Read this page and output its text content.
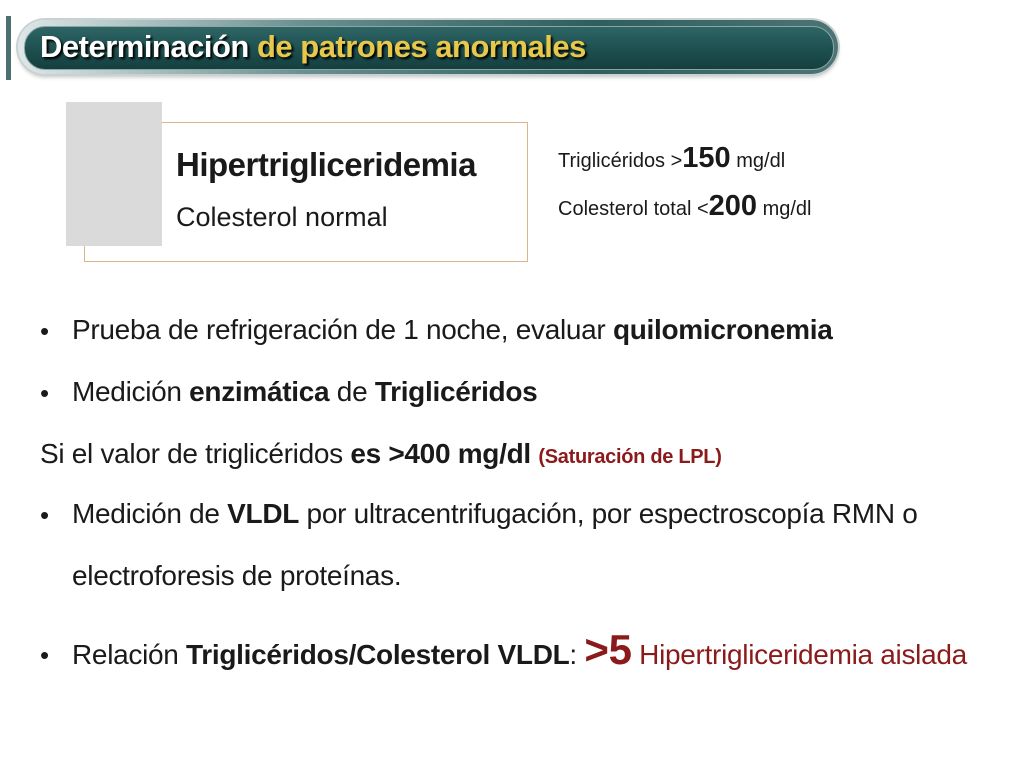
Determinación de patrones anormales
Hipertrigliceridemia
Colesterol normal
Triglicéridos >150 mg/dl
Colesterol total <200 mg/dl
• Prueba de refrigeración de 1 noche, evaluar quilomicronemia
• Medición enzimática de Triglicéridos
Si el valor de triglicéridos es >400 mg/dl (Saturación de LPL)
• Medición de VLDL por ultracentrifugación, por espectroscopía RMN o
electroforesis de proteínas.
• Relación Triglicéridos/Colesterol VLDL: >5 Hipertrigliceridemia aislada
